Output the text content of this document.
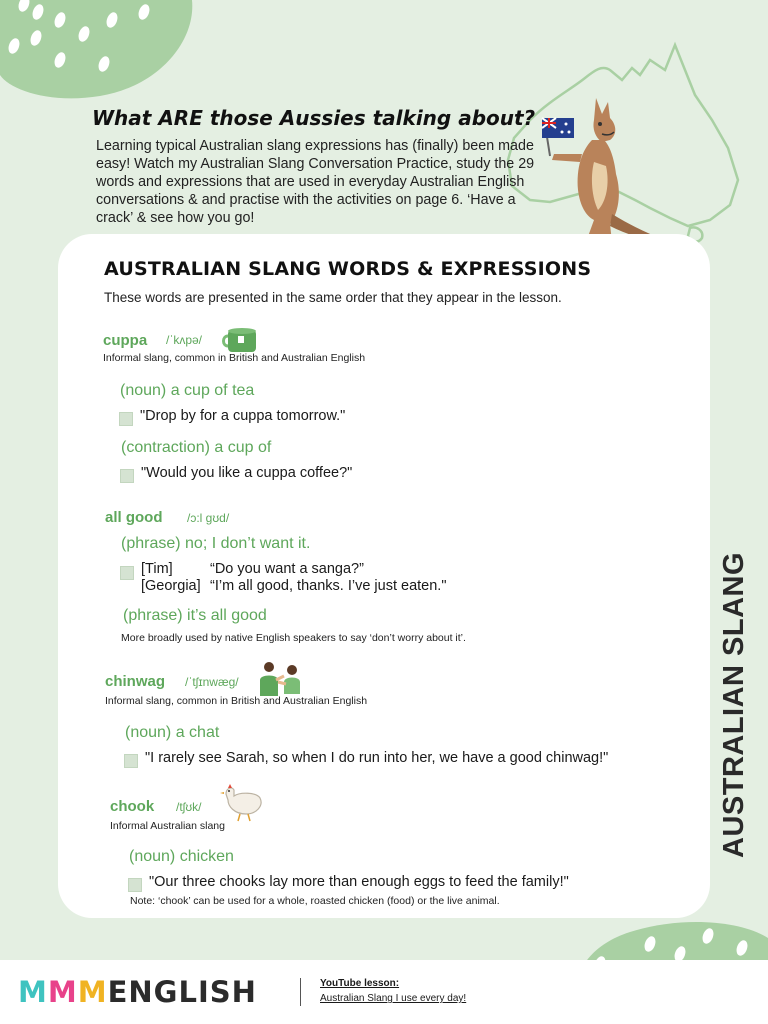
What ARE those Aussies talking about?
Learning typical Australian slang expressions has (finally) been made easy! Watch my Australian Slang Conversation Practice, study the 29 words and expressions that are used in everyday Australian English conversations & and practise with the activities on page 6. ‘Have a crack’ & see how you go!
AUSTRALIAN SLANG WORDS & EXPRESSIONS
These words are presented in the same order that they appear in the lesson.
cuppa /ˈkʌpə/
Informal slang, common in British and Australian English
(noun) a cup of tea
"Drop by for a cuppa tomorrow."
(contraction) a cup of
"Would you like a cuppa coffee?"
all good /ɔ:l gʊd/
(phrase) no; I don’t want it.
[Tim]	“Do you want a sanga?”
[Georgia] “I’m all good, thanks. I’ve just eaten."
(phrase) it’s all good
More broadly used by native English speakers to say ‘don’t worry about it’.
chinwag /ˈtʃɪnwæg/
Informal slang, common in British and Australian English
(noun) a chat
"I rarely see Sarah, so when I do run into her, we have a good chinwag!"
chook /tʃʊk/
Informal Australian slang
(noun) chicken
"Our three chooks lay more than enough eggs to feed the family!"
Note: ‘chook’ can be used for a whole, roasted chicken (food) or the live animal.
AUSTRALIAN SLANG
MMMENGLISH	YouTube lesson:
Australian Slang I use every day!
